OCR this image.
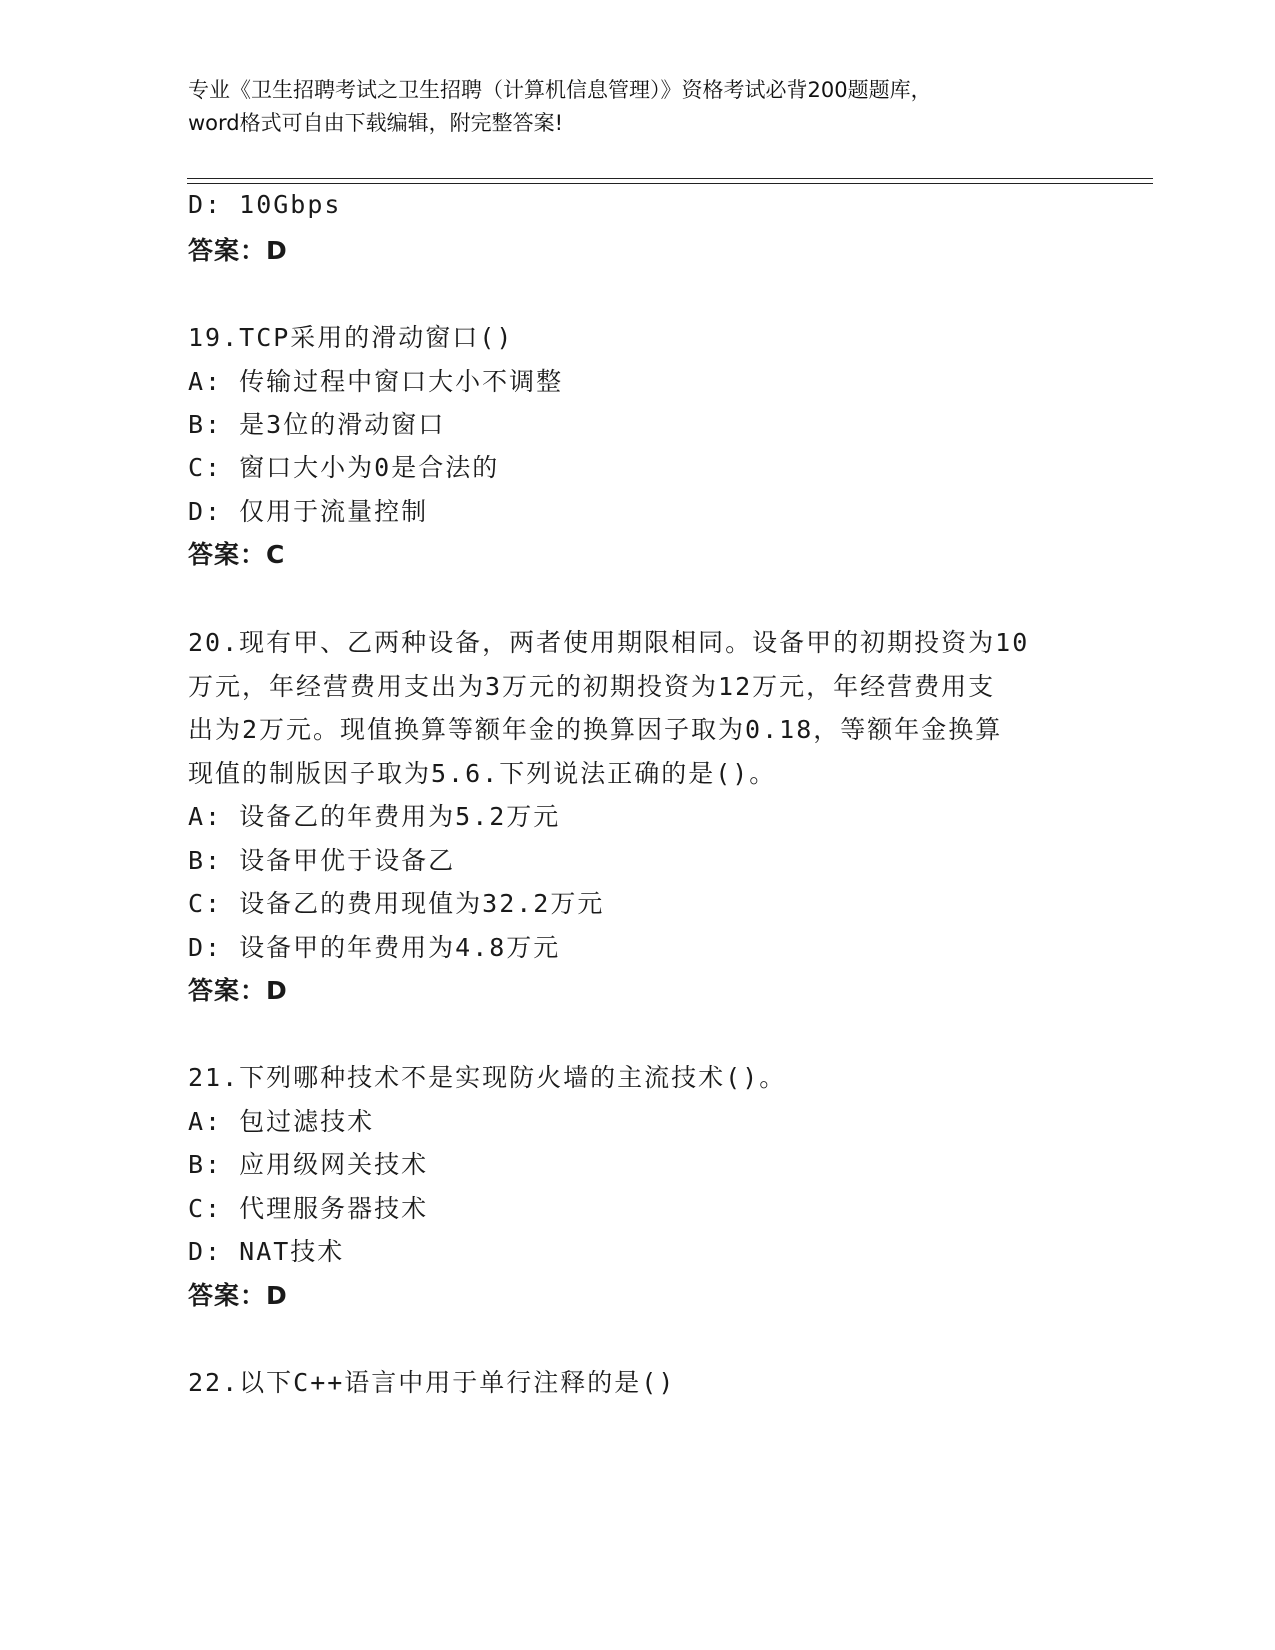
专业《卫生招聘考试之卫生招聘（计算机信息管理）》资格考试必背200题题库，
word格式可自由下载编辑，附完整答案!
D: 10Gbps
答案：D
19.TCP采用的滑动窗口()
A: 传输过程中窗口大小不调整
B: 是3位的滑动窗口
C: 窗口大小为0是合法的
D: 仅用于流量控制
答案：C
20.现有甲、乙两种设备，两者使用期限相同。设备甲的初期投资为10
万元，年经营费用支出为3万元的初期投资为12万元，年经营费用支
出为2万元。现值换算等额年金的换算因子取为0.18，等额年金换算
现值的制版因子取为5.6.下列说法正确的是()。
A: 设备乙的年费用为5.2万元
B: 设备甲优于设备乙
C: 设备乙的费用现值为32.2万元
D: 设备甲的年费用为4.8万元
答案：D
21.下列哪种技术不是实现防火墙的主流技术()。
A: 包过滤技术
B: 应用级网关技术
C: 代理服务器技术
D: NAT技术
答案：D
22.以下C++语言中用于单行注释的是()
